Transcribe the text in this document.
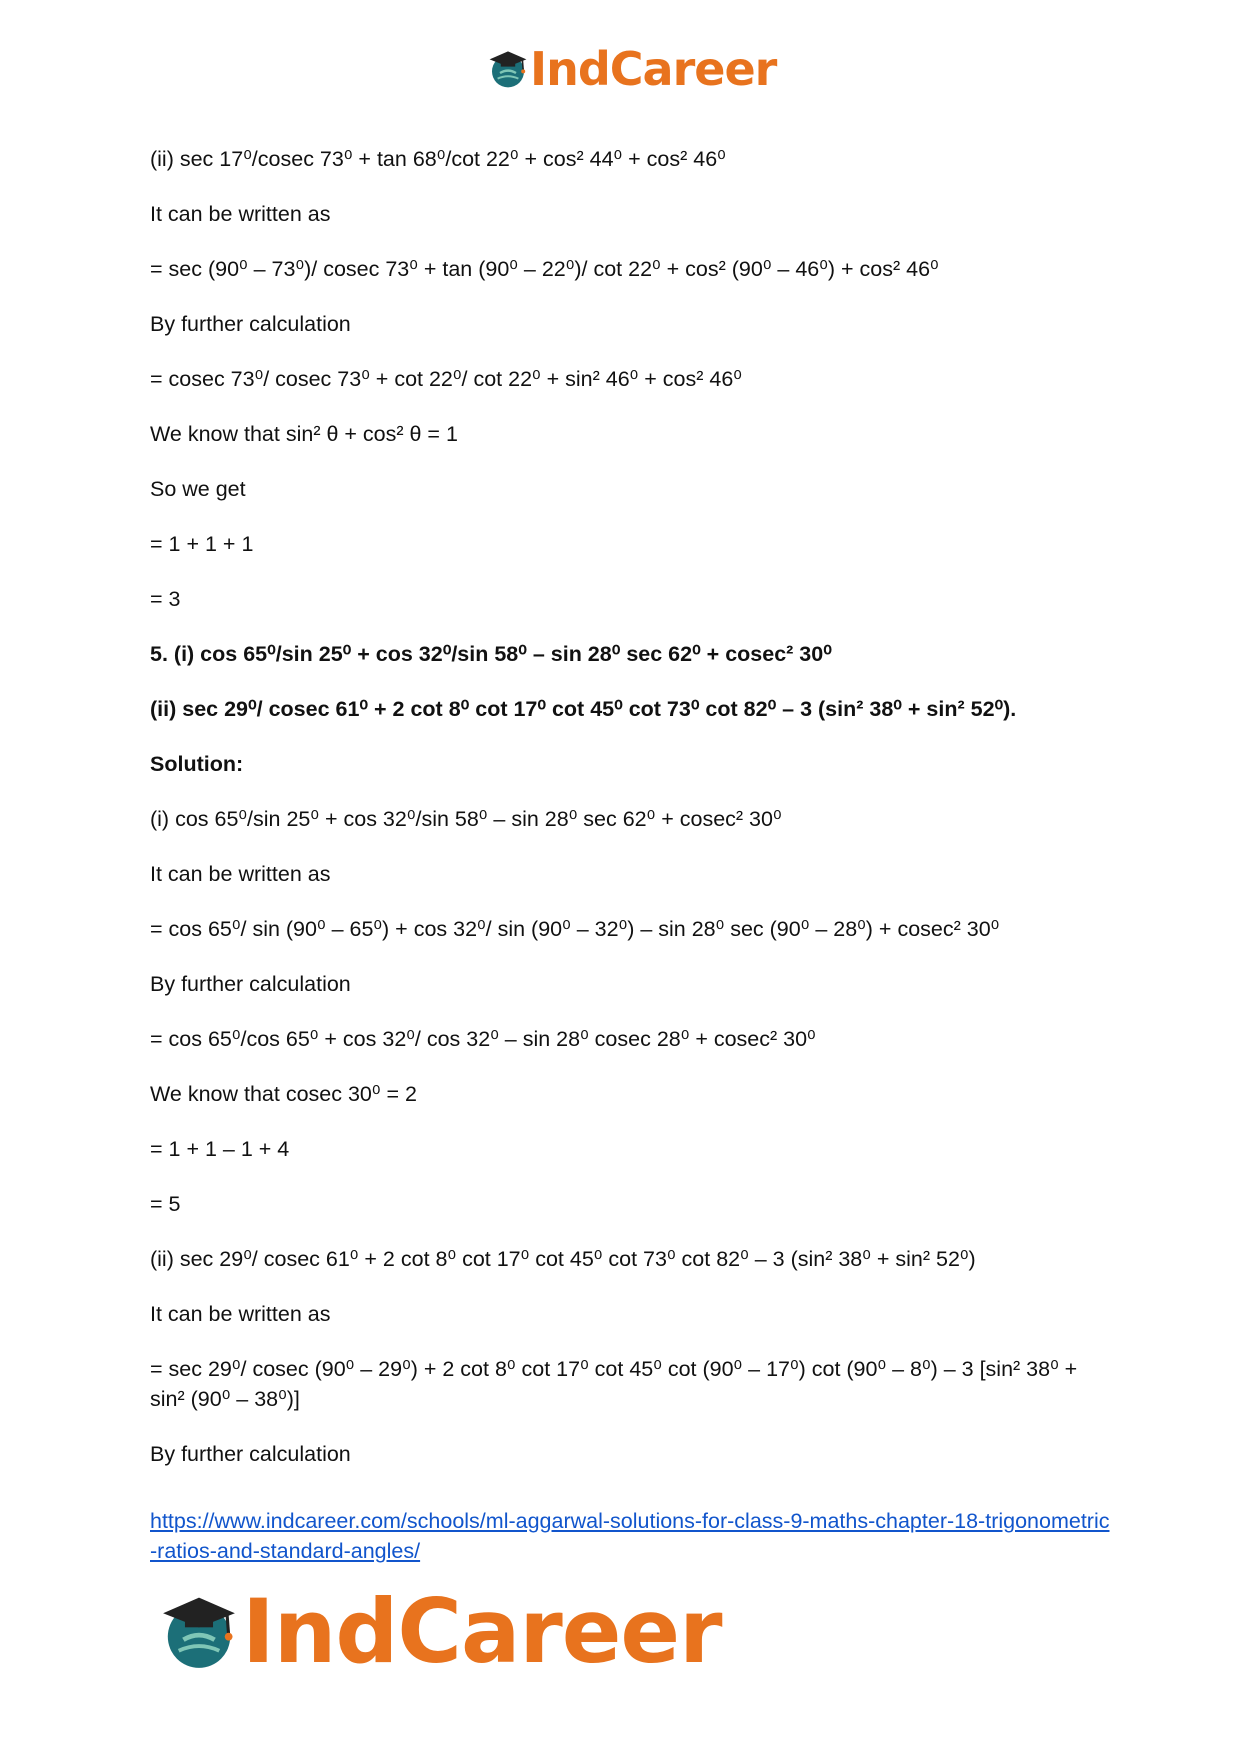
IndCareer

(ii) sec 17⁰/cosec 73⁰ + tan 68⁰/cot 22⁰ + cos² 44⁰ + cos² 46⁰

It can be written as

= sec (90⁰ – 73⁰)/ cosec 73⁰ + tan (90⁰ – 22⁰)/ cot 22⁰ + cos² (90⁰ – 46⁰) + cos² 46⁰

By further calculation

= cosec 73⁰/ cosec 73⁰ + cot 22⁰/ cot 22⁰ + sin² 46⁰ + cos² 46⁰

We know that sin² θ + cos² θ = 1

So we get

= 1 + 1 + 1

= 3

5. (i) cos 65⁰/sin 25⁰ + cos 32⁰/sin 58⁰ – sin 28⁰ sec 62⁰ + cosec² 30⁰

(ii) sec 29⁰/ cosec 61⁰ + 2 cot 8⁰ cot 17⁰ cot 45⁰ cot 73⁰ cot 82⁰ – 3 (sin² 38⁰ + sin² 52⁰).

Solution:

(i) cos 65⁰/sin 25⁰ + cos 32⁰/sin 58⁰ – sin 28⁰ sec 62⁰ + cosec² 30⁰

It can be written as

= cos 65⁰/ sin (90⁰ – 65⁰) + cos 32⁰/ sin (90⁰ – 32⁰) – sin 28⁰ sec (90⁰ – 28⁰) + cosec² 30⁰

By further calculation

= cos 65⁰/cos 65⁰ + cos 32⁰/ cos 32⁰ – sin 28⁰ cosec 28⁰ + cosec² 30⁰

We know that cosec 30⁰ = 2

= 1 + 1 – 1 + 4

= 5

(ii) sec 29⁰/ cosec 61⁰ + 2 cot 8⁰ cot 17⁰ cot 45⁰ cot 73⁰ cot 82⁰ – 3 (sin² 38⁰ + sin² 52⁰)

It can be written as

= sec 29⁰/ cosec (90⁰ – 29⁰) + 2 cot 8⁰ cot 17⁰ cot 45⁰ cot (90⁰ – 17⁰) cot (90⁰ – 8⁰) – 3 [sin² 38⁰ + sin² (90⁰ – 38⁰)]

By further calculation

https://www.indcareer.com/schools/ml-aggarwal-solutions-for-class-9-maths-chapter-18-trigonometric-ratios-and-standard-angles/

IndCareer
